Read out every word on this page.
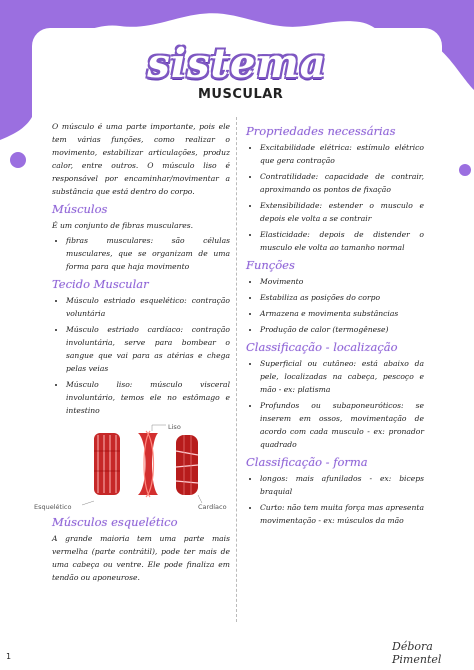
sistema
MUSCULAR

O músculo é uma parte importante, pois ele tem várias funções, como realizar o movimento, estabilizar articulações, produz calor, entre outros. O músculo liso é responsável por encaminhar/movimentar a substância que está dentro do corpo.

Músculos

É um conjunto de fibras musculares.

• fibras musculares: são células musculares, que se organizam de uma forma para que haja movimento
Tecido Muscular
• Músculo estriado esquelético: contração voluntária
• Músculo estriado cardíaco: contração involuntária, serve para bombear o sangue que vai para as atérias e chega pelas veias
• Músculo liso: músculo visceral involuntário, temos ele no estômago e intestino
Liso
Esquelético	Cardíaco
Músculos esquelético

A grande maioria tem uma parte mais vermelha (parte contrátil), pode ter mais de uma cabeça ou ventre. Ele pode finaliza em tendão ou aponeurose.

Propriedades necessárias
• Excitabilidade elétrica: estímulo elétrico que gera contração
• Contratilidade: capacidade de contrair, aproximando os pontos de fixação
• Extensibilidade: estender o musculo e depois ele volta a se contrair
• Elasticidade: depois de distender o musculo ele volta ao tamanho normal
Funções
• Movimento
• Estabiliza as posições do corpo
• Armazena e movimenta substâncias
• Produção de calor (termogênese)
Classificação - localização
• Superficial ou cutâneo: está abaixo da pele, localizadas na cabeça, pescoço e mão - ex: platisma
• Profundos ou subaponeuróticos: se inserem em ossos, movimentação de acordo com cada musculo - ex: pronador quadrado
Classificação - forma
• longos: mais afunilados - ex: biceps braquial
• Curto: não tem muita força mas apresenta movimentação - ex: músculos da mão
Débora Pimentel
1
